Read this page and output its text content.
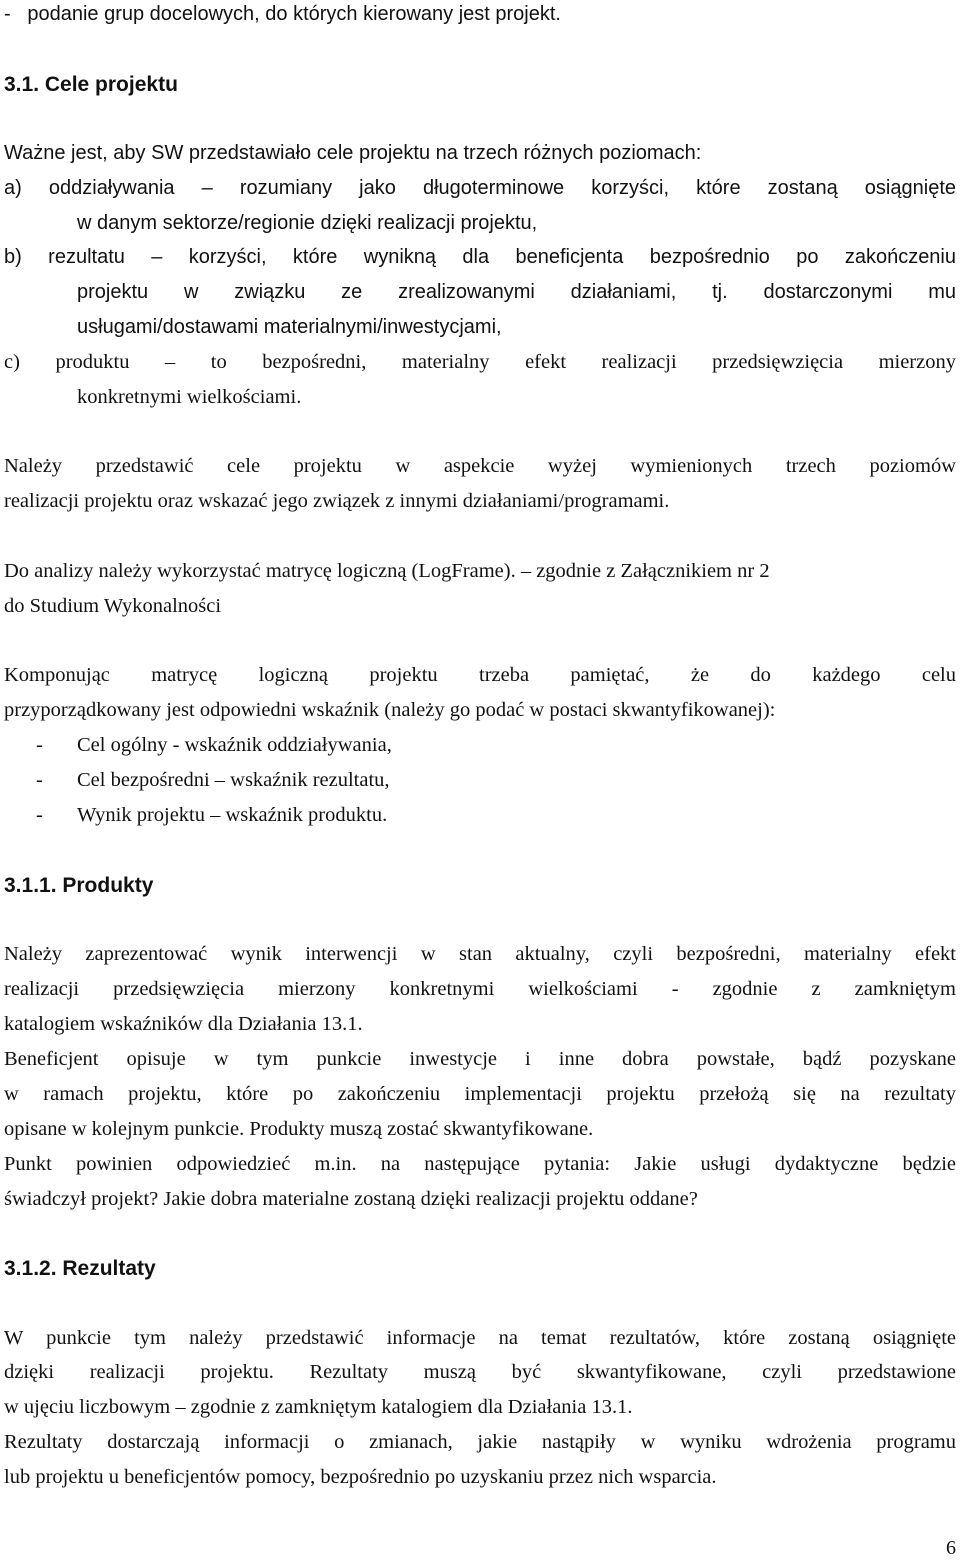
-   podanie grup docelowych, do których kierowany jest projekt.
3.1. Cele projektu
Ważne jest, aby SW przedstawiało cele projektu na trzech różnych poziomach:
a) oddziaływania – rozumiany jako długoterminowe korzyści, które zostaną osiągnięte
w danym sektorze/regionie dzięki realizacji projektu,
b) rezultatu – korzyści, które wynikną dla beneficjenta bezpośrednio po zakończeniu
projektu w związku ze zrealizowanymi działaniami, tj. dostarczonymi mu
usługami/dostawami materialnymi/inwestycjami,
c) produktu – to bezpośredni, materialny efekt realizacji przedsięwzięcia mierzony
konkretnymi wielkościami.
Należy przedstawić cele projektu w aspekcie wyżej wymienionych trzech poziomów
realizacji projektu oraz wskazać jego związek z innymi działaniami/programami.
Do analizy należy wykorzystać matrycę logiczną (LogFrame). – zgodnie z Załącznikiem nr 2
do Studium Wykonalności
Komponując matrycę logiczną projektu trzeba pamiętać, że do każdego celu
przyporządkowany jest odpowiedni wskaźnik (należy go podać w postaci skwantyfikowanej):
-	Cel ogólny - wskaźnik oddziaływania,
-	Cel bezpośredni – wskaźnik rezultatu,
-	Wynik projektu – wskaźnik produktu.
3.1.1. Produkty
Należy zaprezentować wynik interwencji w stan aktualny, czyli bezpośredni, materialny efekt
realizacji przedsięwzięcia mierzony konkretnymi wielkościami - zgodnie z zamkniętym
katalogiem wskaźników dla Działania 13.1.
Beneficjent opisuje w tym punkcie inwestycje i inne dobra powstałe, bądź pozyskane
w ramach projektu, które po zakończeniu implementacji projektu przełożą się na rezultaty
opisane w kolejnym punkcie. Produkty muszą zostać skwantyfikowane.
Punkt powinien odpowiedzieć m.in. na następujące pytania: Jakie usługi dydaktyczne będzie
świadczył projekt? Jakie dobra materialne zostaną dzięki realizacji projektu oddane?
3.1.2. Rezultaty
W punkcie tym należy przedstawić informacje na temat rezultatów, które zostaną osiągnięte
dzięki realizacji projektu. Rezultaty muszą być skwantyfikowane, czyli przedstawione
w ujęciu liczbowym – zgodnie z zamkniętym katalogiem dla Działania 13.1.
Rezultaty dostarczają informacji o zmianach, jakie nastąpiły w wyniku wdrożenia programu
lub projektu u beneficjentów pomocy, bezpośrednio po uzyskaniu przez nich wsparcia.
6
